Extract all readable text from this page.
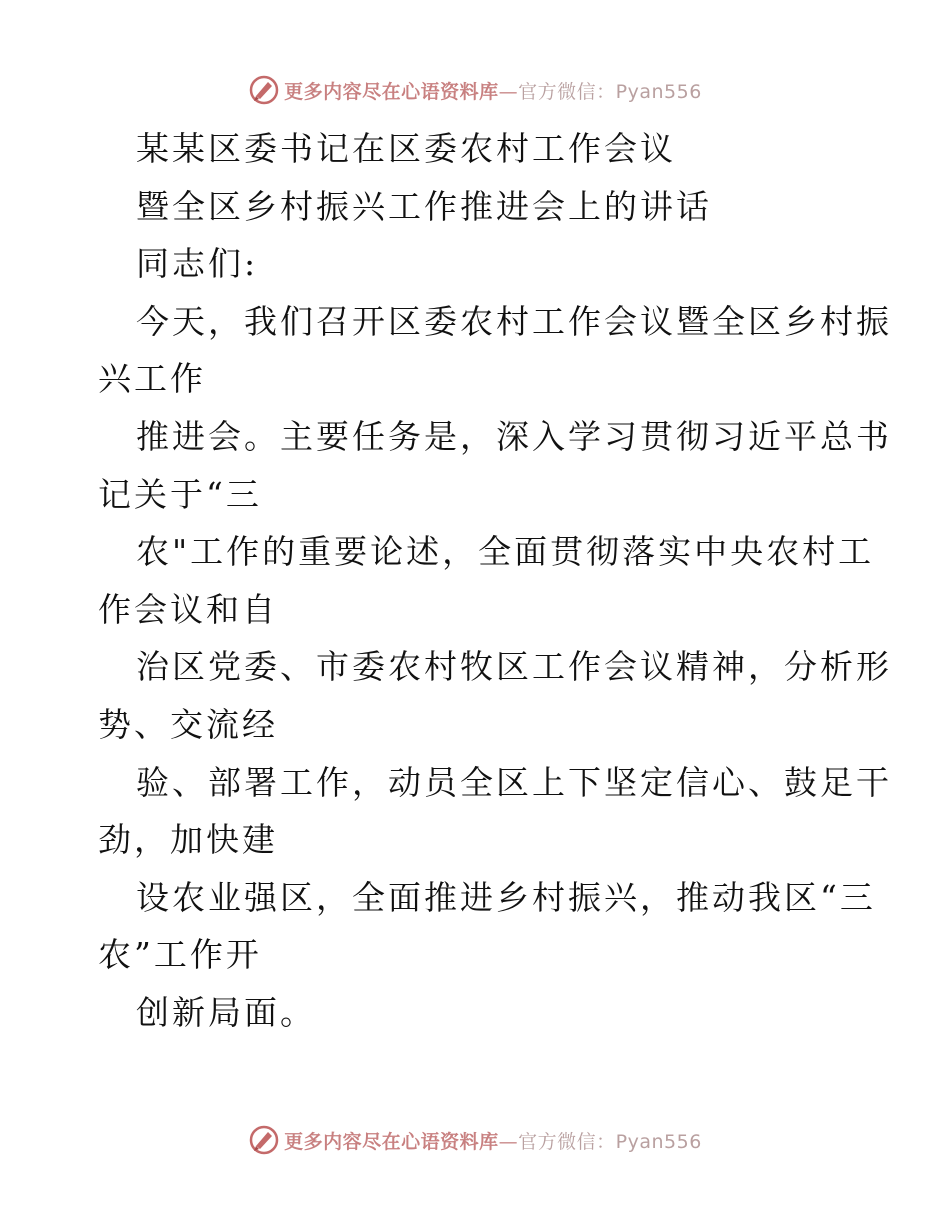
更多内容尽在心语资料库—官方微信：Pyan556
某某区委书记在区委农村工作会议
暨全区乡村振兴工作推进会上的讲话
同志们:
今天，我们召开区委农村工作会议暨全区乡村振
兴工作
推进会。主要任务是，深入学习贯彻习近平总书
记关于“三
农"工作的重要论述，全面贯彻落实中央农村工
作会议和自
治区党委、市委农村牧区工作会议精神，分析形
势、交流经
验、部署工作，动员全区上下坚定信心、鼓足干
劲，加快建
设农业强区，全面推进乡村振兴，推动我区“三
农”工作开
创新局面。
更多内容尽在心语资料库—官方微信：Pyan556
